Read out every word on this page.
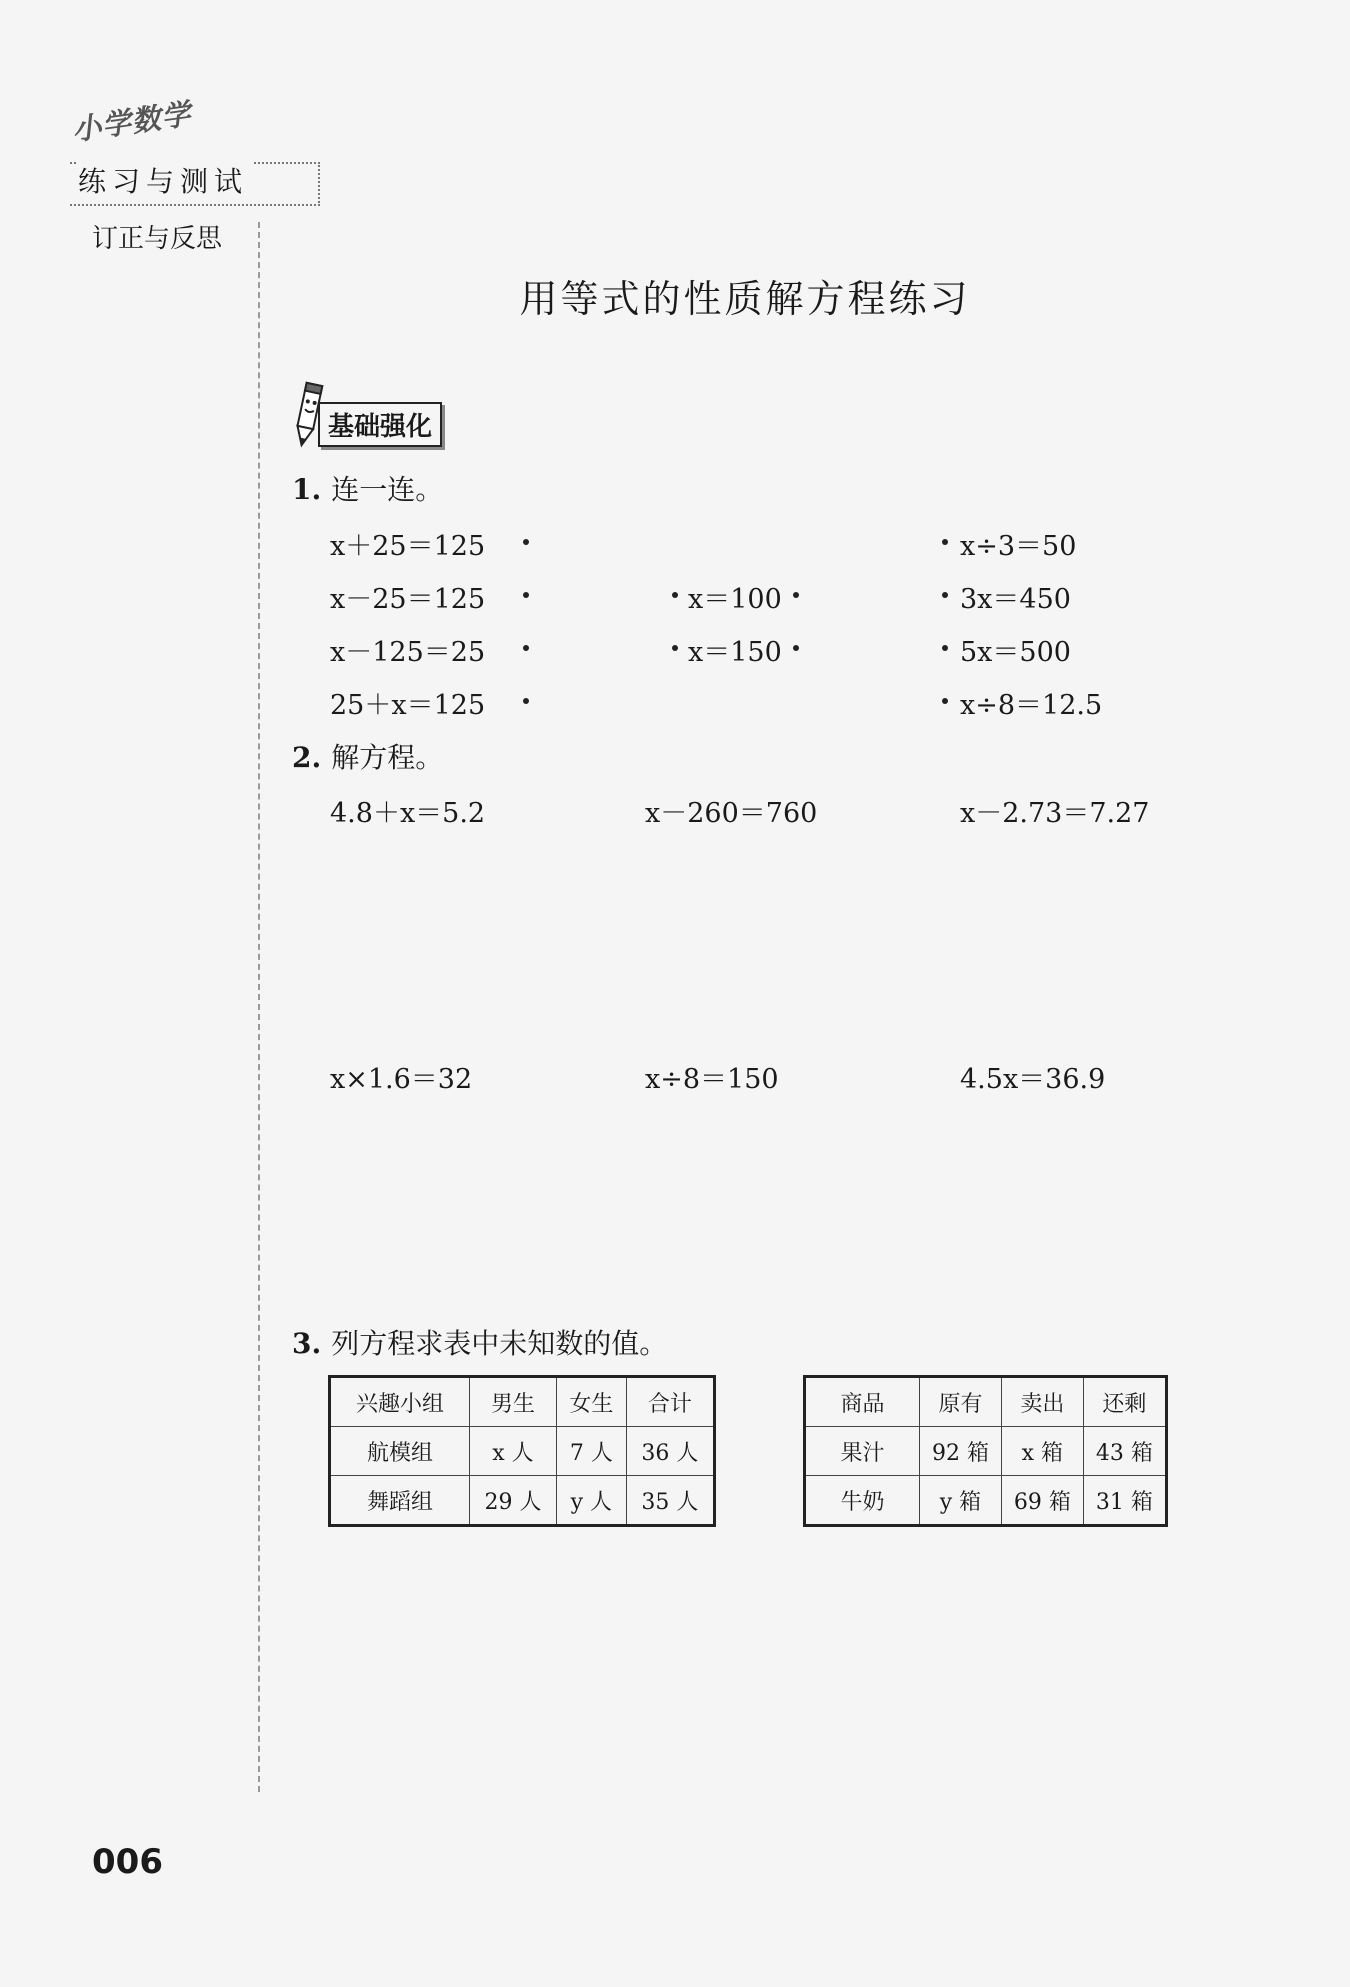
小学数学
练习与测试
订正与反思
用等式的性质解方程练习
基础强化
1. 连一连。
x＋25＝125
x－25＝125
x－125＝25
25＋x＝125
x＝100
x＝150
x÷3＝50
3x＝450
5x＝500
x÷8＝12.5
2. 解方程。
4.8＋x＝5.2	x－260＝760	x－2.73＝7.27
x×1.6＝32	x÷8＝150	4.5x＝36.9
3. 列方程求表中未知数的值。
兴趣小组	男生	女生	合计
航模组	x 人	7 人	36 人
舞蹈组	29 人	y 人	35 人
商品	原有	卖出	还剩
果汁	92 箱	x 箱	43 箱
牛奶	y 箱	69 箱	31 箱
006
